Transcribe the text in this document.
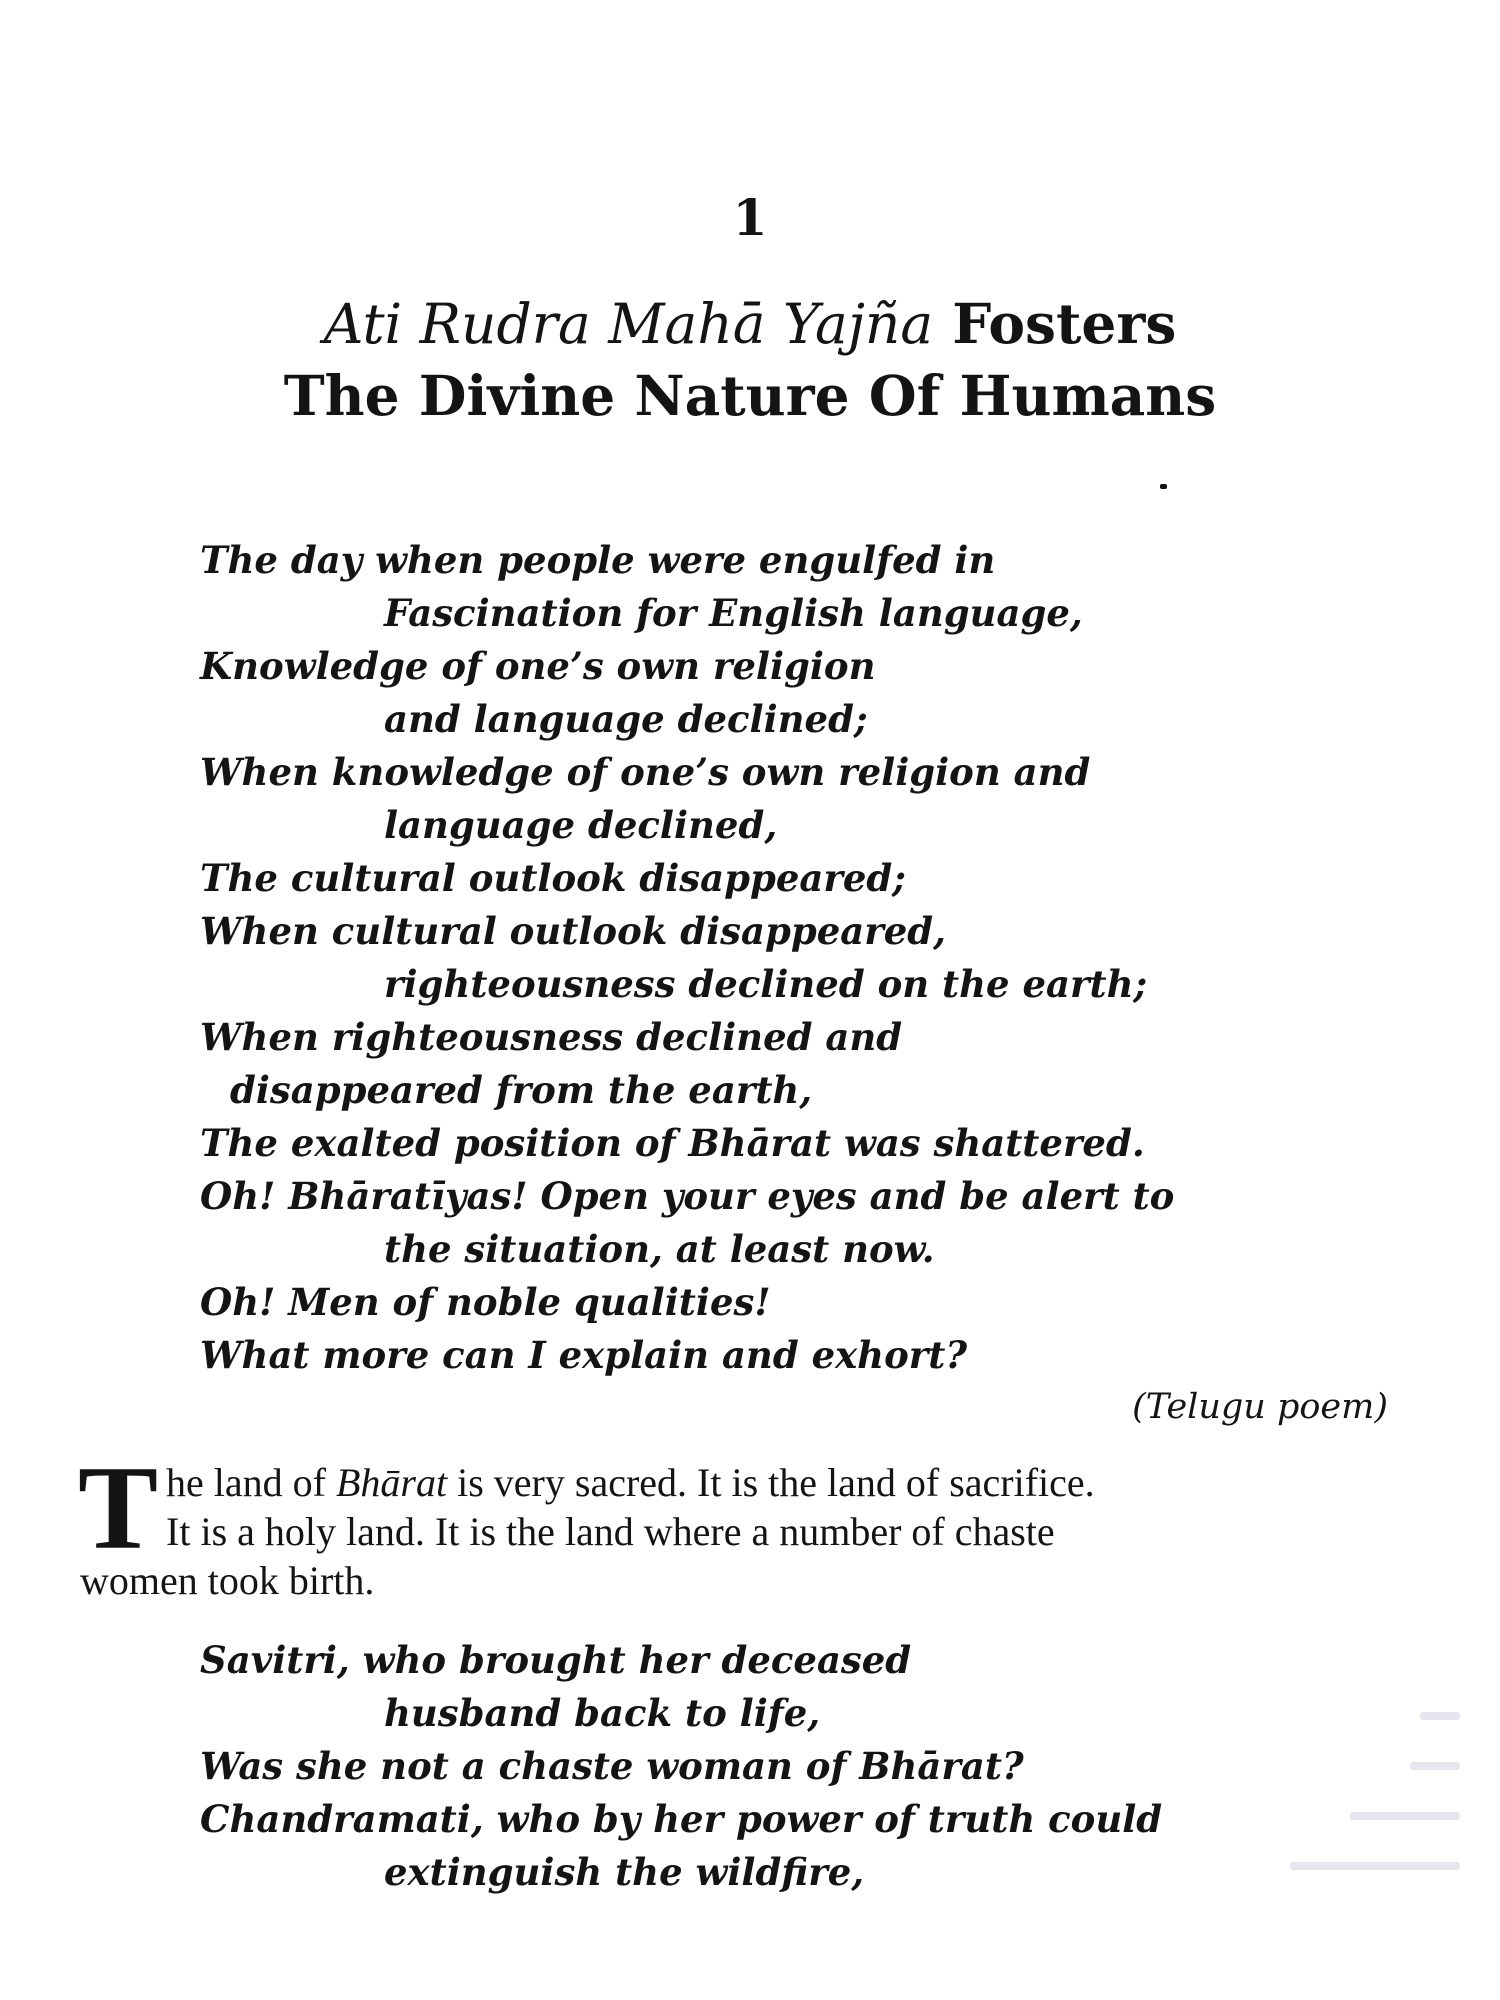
1
Ati Rudra Mahā Yajña Fosters
The Divine Nature Of Humans
The day when people were engulfed in
Fascination for English language,
Knowledge of one’s own religion
and language declined;
When knowledge of one’s own religion and
language declined,
The cultural outlook disappeared;
When cultural outlook disappeared,
righteousness declined on the earth;
When righteousness declined and
disappeared from the earth,
The exalted position of Bhārat was shattered.
Oh! Bhāratīyas! Open your eyes and be alert to
the situation, at least now.
Oh! Men of noble qualities!
What more can I explain and exhort?
(Telugu poem)
T he land of Bhārat is very sacred. It is the land of sacrifice.
It is a holy land. It is the land where a number of chaste
women took birth.
Savitri, who brought her deceased
husband back to life,
Was she not a chaste woman of Bhārat?
Chandramati, who by her power of truth could
extinguish the wildfire,
